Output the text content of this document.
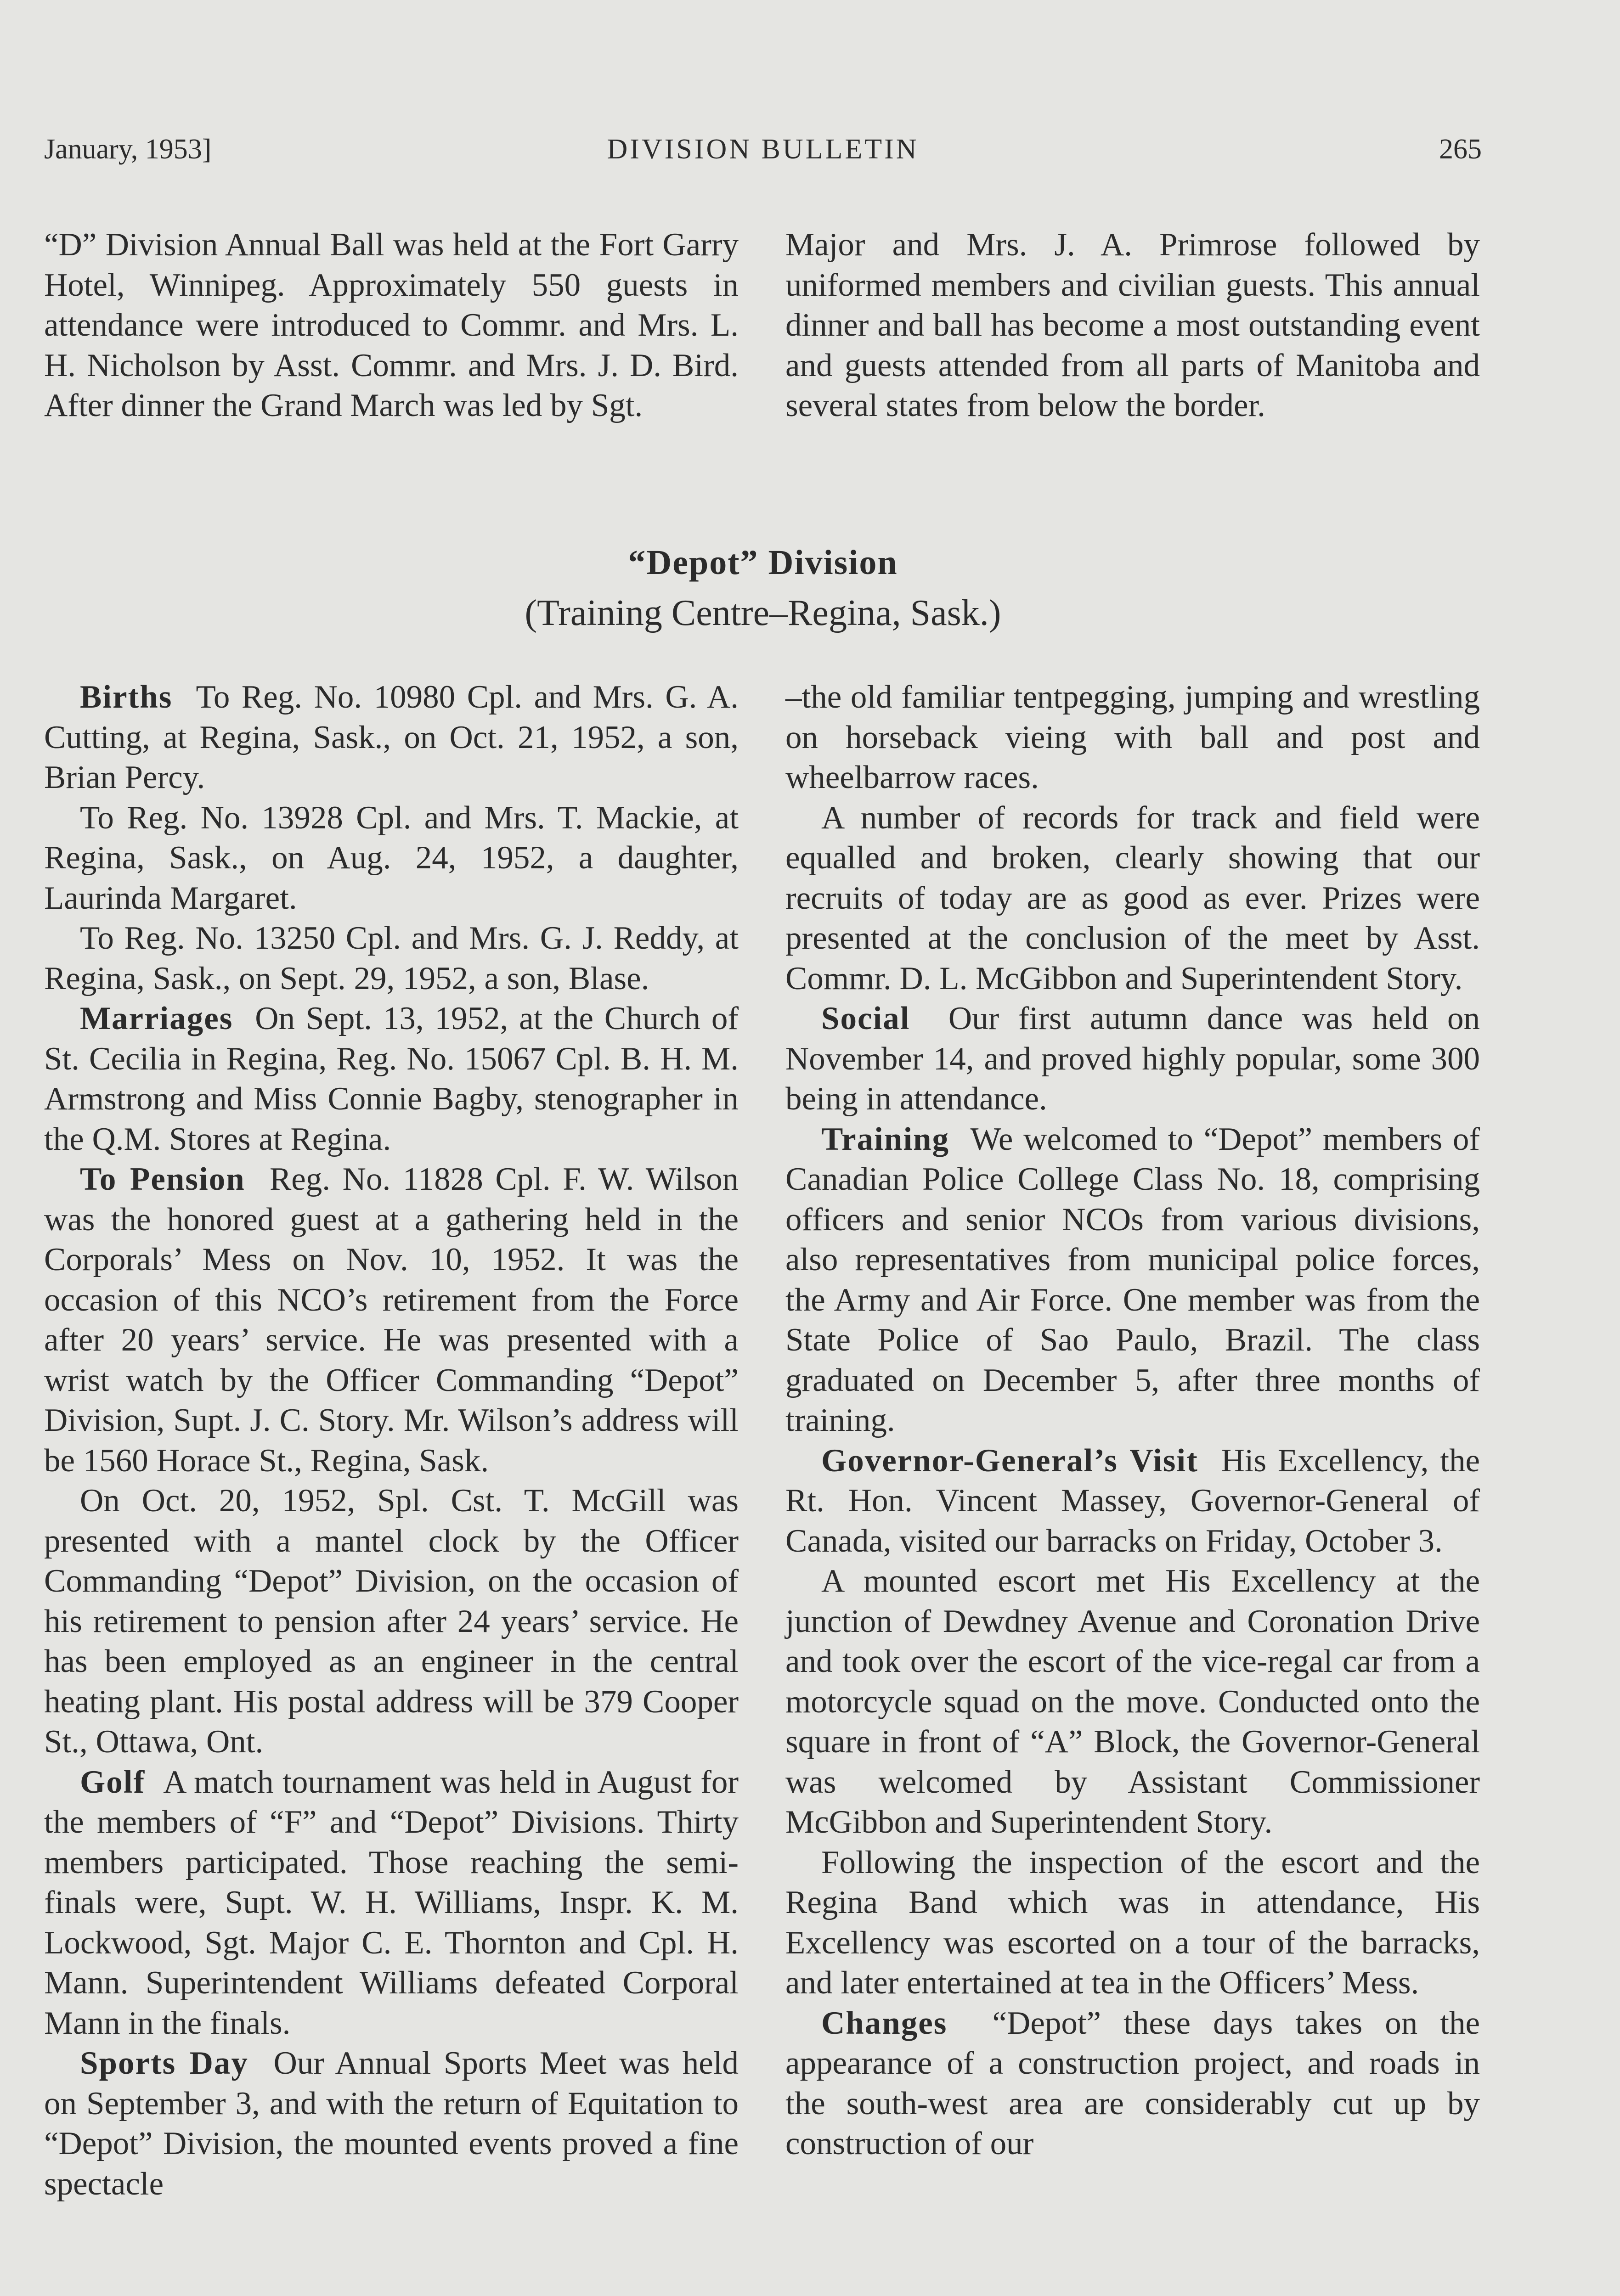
DIVISION BULLETIN
January, 1953]	265

“D” Division Annual Ball was held at the Fort Garry Hotel, Winnipeg. Approximately 550 guests in attendance were introduced to Commr. and Mrs. L. H. Nicholson by Asst. Commr. and Mrs. J. D. Bird. After dinner the Grand March was led by Sgt.

Major and Mrs. J. A. Primrose followed by uniformed members and civilian guests. This annual dinner and ball has become a most outstanding event and guests attended from all parts of Manitoba and several states from below the border.

“Depot” Division
(Training Centre–Regina, Sask.)

Births To Reg. No. 10980 Cpl. and Mrs. G. A. Cutting, at Regina, Sask., on Oct. 21, 1952, a son, Brian Percy.

To Reg. No. 13928 Cpl. and Mrs. T. Mackie, at Regina, Sask., on Aug. 24, 1952, a daughter, Laurinda Margaret.

To Reg. No. 13250 Cpl. and Mrs. G. J. Reddy, at Regina, Sask., on Sept. 29, 1952, a son, Blase.

Marriages On Sept. 13, 1952, at the Church of St. Cecilia in Regina, Reg. No. 15067 Cpl. B. H. M. Armstrong and Miss Connie Bagby, stenographer in the Q.M. Stores at Regina.

To Pension Reg. No. 11828 Cpl. F. W. Wilson was the honored guest at a gathering held in the Corporals’ Mess on Nov. 10, 1952. It was the occasion of this NCO’s retirement from the Force after 20 years’ service. He was presented with a wrist watch by the Officer Commanding “Depot” Division, Supt. J. C. Story. Mr. Wilson’s address will be 1560 Horace St., Regina, Sask.

On Oct. 20, 1952, Spl. Cst. T. McGill was presented with a mantel clock by the Officer Commanding “Depot” Division, on the occasion of his retirement to pension after 24 years’ service. He has been employed as an engineer in the central heating plant. His postal address will be 379 Cooper St., Ottawa, Ont.

Golf A match tournament was held in August for the members of “F” and “Depot” Divisions. Thirty members participated. Those reaching the semi-finals were, Supt. W. H. Williams, Inspr. K. M. Lockwood, Sgt. Major C. E. Thornton and Cpl. H. Mann. Superintendent Williams defeated Corporal Mann in the finals.

Sports Day Our Annual Sports Meet was held on September 3, and with the return of Equitation to “Depot” Division, the mounted events proved a fine spectacle

–the old familiar tentpegging, jumping and wrestling on horseback vieing with ball and post and wheelbarrow races.

A number of records for track and field were equalled and broken, clearly showing that our recruits of today are as good as ever. Prizes were presented at the conclusion of the meet by Asst. Commr. D. L. McGibbon and Superintendent Story.

Social Our first autumn dance was held on November 14, and proved highly popular, some 300 being in attendance.

Training We welcomed to “Depot” members of Canadian Police College Class No. 18, comprising officers and senior NCOs from various divisions, also representatives from municipal police forces, the Army and Air Force. One member was from the State Police of Sao Paulo, Brazil. The class graduated on December 5, after three months of training.

Governor-General’s Visit His Excellency, the Rt. Hon. Vincent Massey, Governor-General of Canada, visited our barracks on Friday, October 3.

A mounted escort met His Excellency at the junction of Dewdney Avenue and Coronation Drive and took over the escort of the vice-regal car from a motorcycle squad on the move. Conducted onto the square in front of “A” Block, the Governor-General was welcomed by Assistant Commissioner McGibbon and Superintendent Story.

Following the inspection of the escort and the Regina Band which was in attendance, His Excellency was escorted on a tour of the barracks, and later entertained at tea in the Officers’ Mess.

Changes “Depot” these days takes on the appearance of a construction project, and roads in the south-west area are considerably cut up by construction of our
